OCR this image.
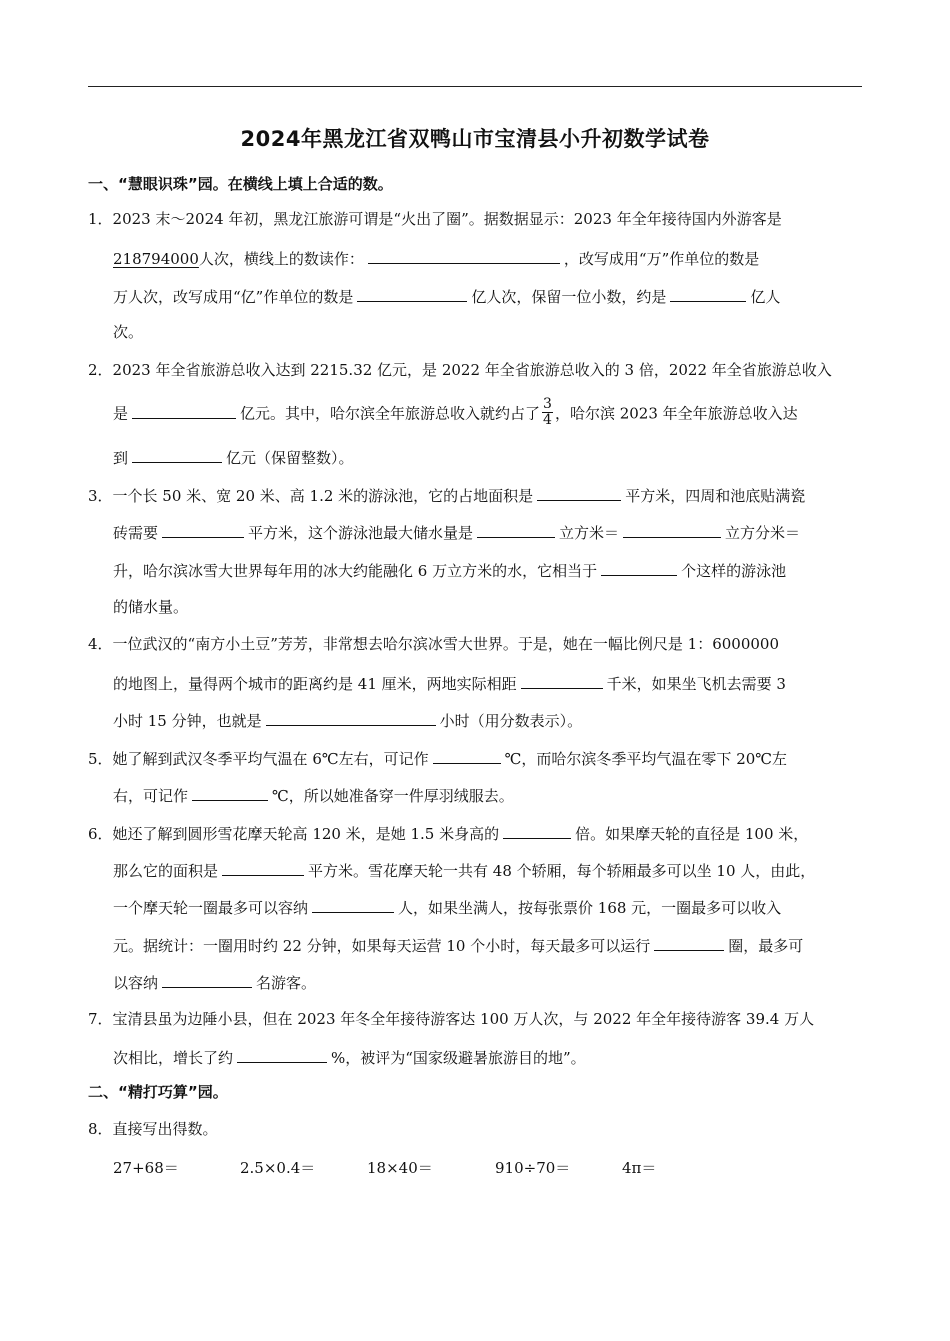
2024年黑龙江省双鸭山市宝清县小升初数学试卷
一、“慧眼识珠”园。在横线上填上合适的数。
1．2023 末～2024 年初，黑龙江旅游可谓是“火出了圈”。据数据显示：2023 年全年接待国内外游客是
218794000人次，横线上的数读作：	，改写成用“万”作单位的数是
万人次，改写成用“亿”作单位的数是	亿人次，保留一位小数，约是	亿人
次。
2．2023 年全省旅游总收入达到 2215.32 亿元，是 2022 年全省旅游总收入的 3 倍，2022 年全省旅游总收入
是	亿元。其中，哈尔滨全年旅游总收入就约占了 $\frac{3}{4}$ ，哈尔滨 2023 年全年旅游总收入达
到	亿元（保留整数）。
3．一个长 50 米、宽 20 米、高 1.2 米的游泳池，它的占地面积是	平方米，四周和池底贴满瓷
砖需要	平方米，这个游泳池最大储水量是	立方米＝	立方分米＝
升，哈尔滨冰雪大世界每年用的冰大约能融化 6 万立方米的水，它相当于	个这样的游泳池
的储水量。
4．一位武汉的“南方小土豆”芳芳，非常想去哈尔滨冰雪大世界。于是，她在一幅比例尺是 1：6000000
的地图上，量得两个城市的距离约是 41 厘米，两地实际相距	千米，如果坐飞机去需要 3
小时 15 分钟，也就是	小时（用分数表示）。
5．她了解到武汉冬季平均气温在 6℃左右，可记作	℃，而哈尔滨冬季平均气温在零下 20℃左
右，可记作	℃，所以她准备穿一件厚羽绒服去。
6．她还了解到圆形雪花摩天轮高 120 米，是她 1.5 米身高的	倍。如果摩天轮的直径是 100 米，
那么它的面积是	平方米。雪花摩天轮一共有 48 个轿厢，每个轿厢最多可以坐 10 人，由此，
一个摩天轮一圈最多可以容纳	人，如果坐满人，按每张票价 168 元，一圈最多可以收入
元。据统计：一圈用时约 22 分钟，如果每天运营 10 个小时，每天最多可以运行	圈，最多可
以容纳	名游客。
7．宝清县虽为边陲小县，但在 2023 年冬全年接待游客达 100 万人次，与 2022 年全年接待游客 39.4 万人
次相比，增长了约	%，被评为“国家级避暑旅游目的地”。
二、“精打巧算”园。
8．直接写出得数。
27+68＝	2.5×0.4＝	18×40＝	910÷70＝	4π＝
